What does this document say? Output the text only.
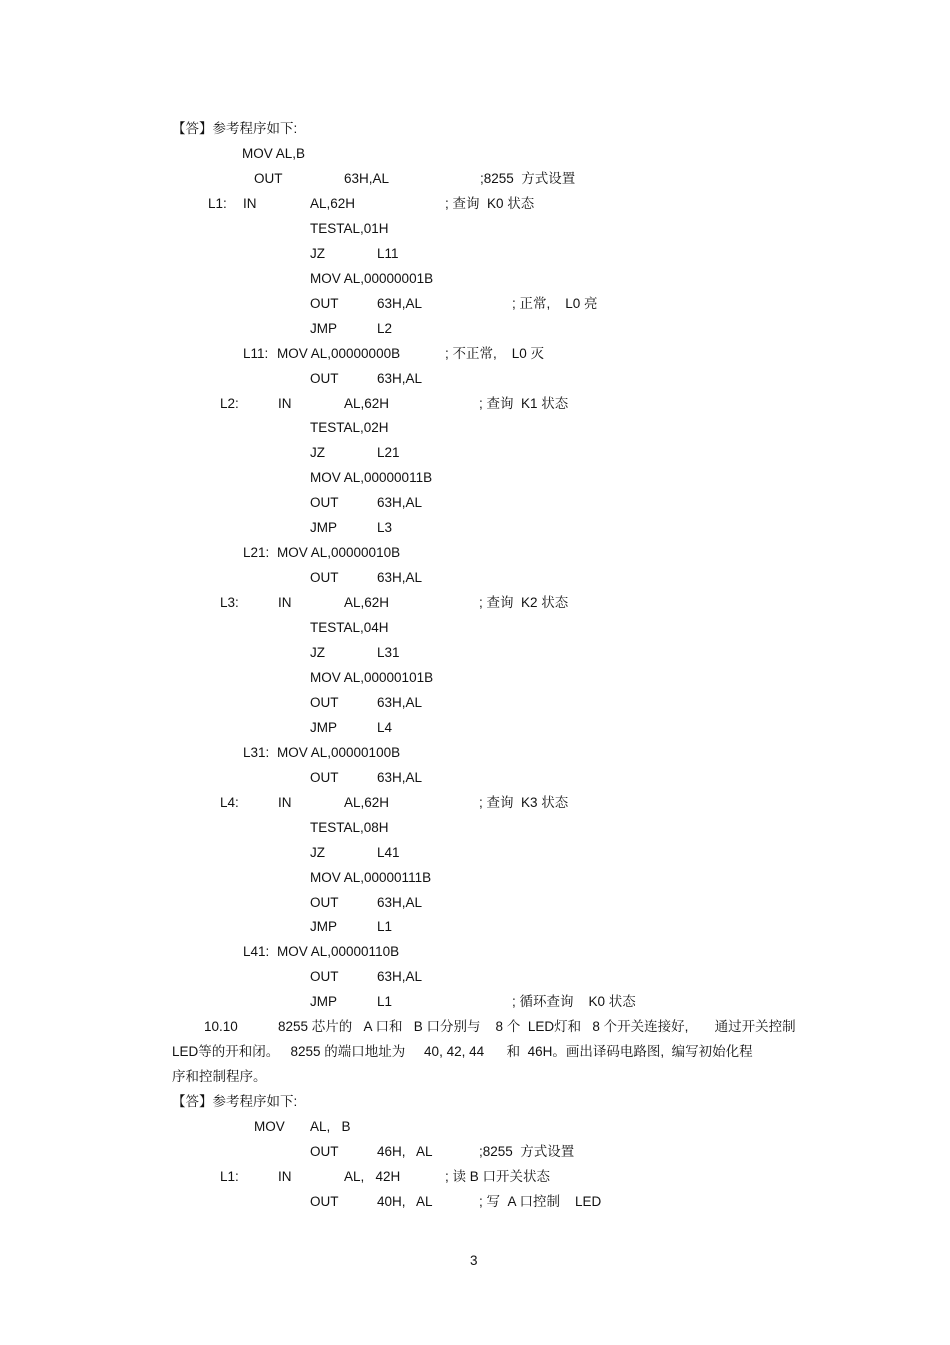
【答】参考程序如下:
MOV AL,B
OUT	63H,AL	;8255  方式设置
L1: IN	AL,62H	; 查询  K0 状态
TESTAL,01H
JZ	L11
MOV AL,00000001B
OUT	63H,AL	; 正常,    L0 亮
JMP	L2
L11: MOV AL,00000000B	; 不正常,    L0 灭
OUT	63H,AL
L2:	IN	AL,62H	; 查询  K1 状态
TESTAL,02H
JZ	L21
MOV AL,00000011B
OUT	63H,AL
JMP	L3
L21: MOV AL,00000010B
OUT	63H,AL
L3:	IN	AL,62H	; 查询  K2 状态
TESTAL,04H
JZ	L31
MOV AL,00000101B
OUT	63H,AL
JMP	L4
L31: MOV AL,00000100B
OUT	63H,AL
L4:	IN	AL,62H	; 查询  K3 状态
TESTAL,08H
JZ	L41
MOV AL,00000111B
OUT	63H,AL
JMP	L1
L41: MOV AL,00000110B
OUT	63H,AL
JMP	L1	; 循环查询    K0 状态
10.10	8255 芯片的   A 口和   B 口分别与    8 个  LED灯和   8 个开关连接好,       通过开关控制
LED等的开和闭。   8255 的端口地址为     40, 42, 44      和  46H。画出译码电路图,  编写初始化程
序和控制程序。
【答】参考程序如下:
MOV AL,   B
OUT	46H,   AL	;8255  方式设置
L1:	IN	AL,   42H	; 读 B 口开关状态
OUT	40H,   AL	; 写  A 口控制    LED
3
